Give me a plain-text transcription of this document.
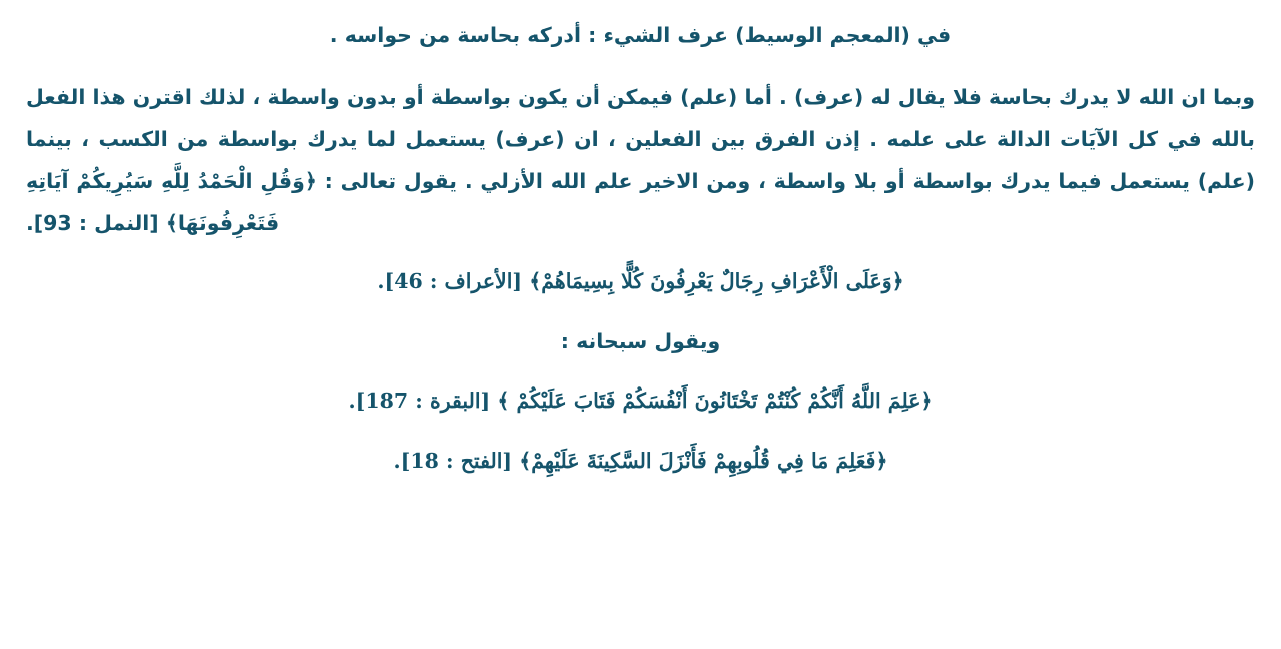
في (المعجم الوسيط) عرف الشيء : أدركه بحاسة من حواسه .

وبما ان الله لا يدرك بحاسة فلا يقال له (عرف) . أما (علم) فيمكن أن يكون بواسطة أو بدون واسطة ، لذلك اقترن هذا الفعل بالله في كل الآيَات الدالة على علمه . إذن الفرق بين الفعلين ، ان (عرف) يستعمل لما يدرك بواسطة من الكسب ، بينما (علم) يستعمل فيما يدرك بواسطة أو بلا واسطة ، ومن الاخير علم الله الأزلي . يقول تعالى : ﴿وَقُلِ الْحَمْدُ لِلَّهِ سَيُرِيكُمْ آيَاتِهِ فَتَعْرِفُونَهَا﴾ [النمل : 93].

﴿وَعَلَى الْأَعْرَافِ رِجَالٌ يَعْرِفُونَ كُلًّا بِسِيمَاهُمْ﴾ [الأعراف : 46].

ويقول سبحانه :

﴿عَلِمَ اللَّهُ أَنَّكُمْ كُنْتُمْ تَخْتَانُونَ أَنْفُسَكُمْ فَتَابَ عَلَيْكُمْ ﴾ [البقرة : 187].

﴿فَعَلِمَ مَا فِي قُلُوبِهِمْ فَأَنْزَلَ السَّكِينَةَ عَلَيْهِمْ﴾ [الفتح : 18].
